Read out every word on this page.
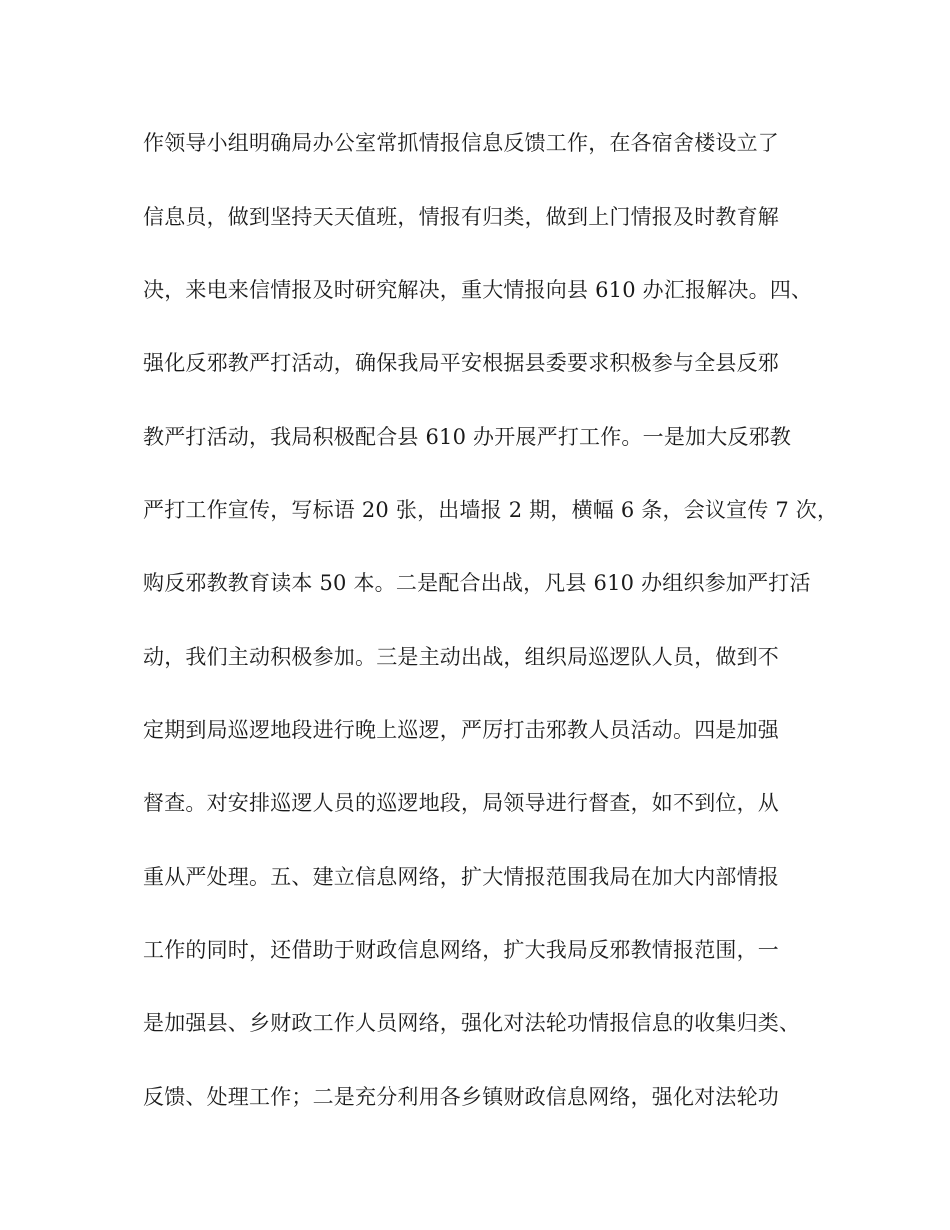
作领导小组明确局办公室常抓情报信息反馈工作，在各宿舍楼设立了
信息员，做到坚持天天值班，情报有归类，做到上门情报及时教育解
决，来电来信情报及时研究解决，重大情报向县 610 办汇报解决。四、
强化反邪教严打活动，确保我局平安根据县委要求积极参与全县反邪
教严打活动，我局积极配合县 610 办开展严打工作。一是加大反邪教
严打工作宣传，写标语 20 张，出墙报 2 期，横幅 6 条，会议宣传 7 次，
购反邪教教育读本 50 本。二是配合出战，凡县 610 办组织参加严打活
动，我们主动积极参加。三是主动出战，组织局巡逻队人员，做到不
定期到局巡逻地段进行晚上巡逻，严厉打击邪教人员活动。四是加强
督查。对安排巡逻人员的巡逻地段，局领导进行督查，如不到位，从
重从严处理。五、建立信息网络，扩大情报范围我局在加大内部情报
工作的同时，还借助于财政信息网络，扩大我局反邪教情报范围，一
是加强县、乡财政工作人员网络，强化对法轮功情报信息的收集归类、
反馈、处理工作；二是充分利用各乡镇财政信息网络，强化对法轮功
